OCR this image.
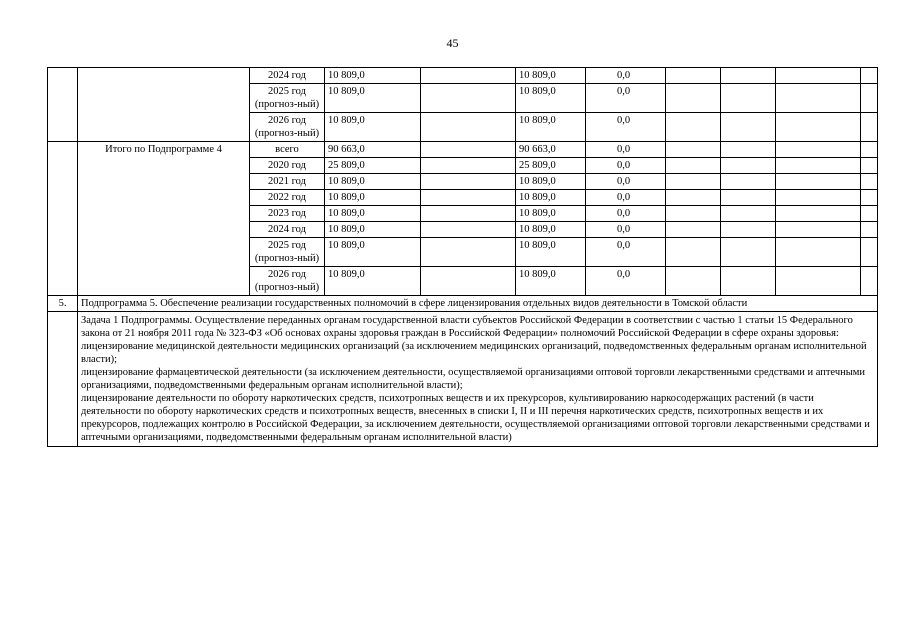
45
		2024 год	10 809,0		10 809,0	0,0				
		2025 год (прогноз-ный)	10 809,0		10 809,0	0,0				
		2026 год (прогноз-ный)	10 809,0		10 809,0	0,0				
	Итого по Подпрограмме 4	всего	90 663,0		90 663,0	0,0				
		2020 год	25 809,0		25 809,0	0,0				
		2021 год	10 809,0		10 809,0	0,0				
		2022 год	10 809,0		10 809,0	0,0				
		2023 год	10 809,0		10 809,0	0,0				
		2024 год	10 809,0		10 809,0	0,0				
		2025 год (прогноз-ный)	10 809,0		10 809,0	0,0				
		2026 год (прогноз-ный)	10 809,0		10 809,0	0,0				
5.	Подпрограмма 5. Обеспечение реализации государственных полномочий в сфере лицензирования отдельных видов деятельности в Томской области									

	Задача 1 Подпрограммы. Осуществление переданных органам государственной власти субъектов Российской Федерации в соответствии с частью 1 статьи 15 Федерального закона от 21 ноября 2011 года № 323-ФЗ «Об основах охраны здоровья граждан в Российской Федерации» полномочий Российской Федерации в сфере охраны здоровья:
лицензирование медицинской деятельности медицинских организаций (за исключением медицинских организаций, подведомственных федеральным органам исполнительной власти);
лицензирование фармацевтической деятельности (за исключением деятельности, осуществляемой организациями оптовой торговли лекарственными средствами и аптечными организациями, подведомственными федеральным органам исполнительной власти);
лицензирование деятельности по обороту наркотических средств, психотропных веществ и их прекурсоров, культивированию наркосодержащих растений (в части деятельности по обороту наркотических средств и психотропных веществ, внесенных в списки I, II и III перечня наркотических средств, психотропных веществ и их прекурсоров, подлежащих контролю в Российской Федерации, за исключением деятельности, осуществляемой организациями оптовой торговли лекарственными средствами и аптечными организациями, подведомственными федеральным органам исполнительной власти)									
